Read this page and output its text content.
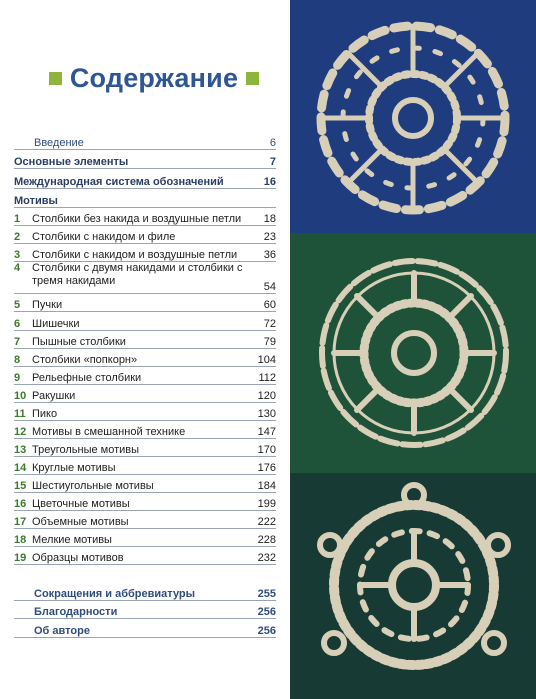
Содержание
Введение	6
Основные элементы	7
Международная система обозначений	16
Мотивы
1	Столбики без накида и воздушные петли	18
2	Столбики с накидом и филе	23
3	Столбики с накидом и воздушные петли	36
4	Столбики с двумя накидами и столбики с тремя накидами	54
5	Пучки	60
6	Шишечки	72
7	Пышные столбики	79
8	Столбики «попкорн»	104
9	Рельефные столбики	112
10 Ракушки	120
11 Пико	130
12 Мотивы в смешанной технике	147
13 Треугольные мотивы	170
14 Круглые мотивы	176
15 Шестиугольные мотивы	184
16 Цветочные мотивы	199
17 Объемные мотивы	222
18 Мелкие мотивы	228
19 Образцы мотивов	232
Сокращения и аббревиатуры	255
Благодарности	256
Об авторе	256
